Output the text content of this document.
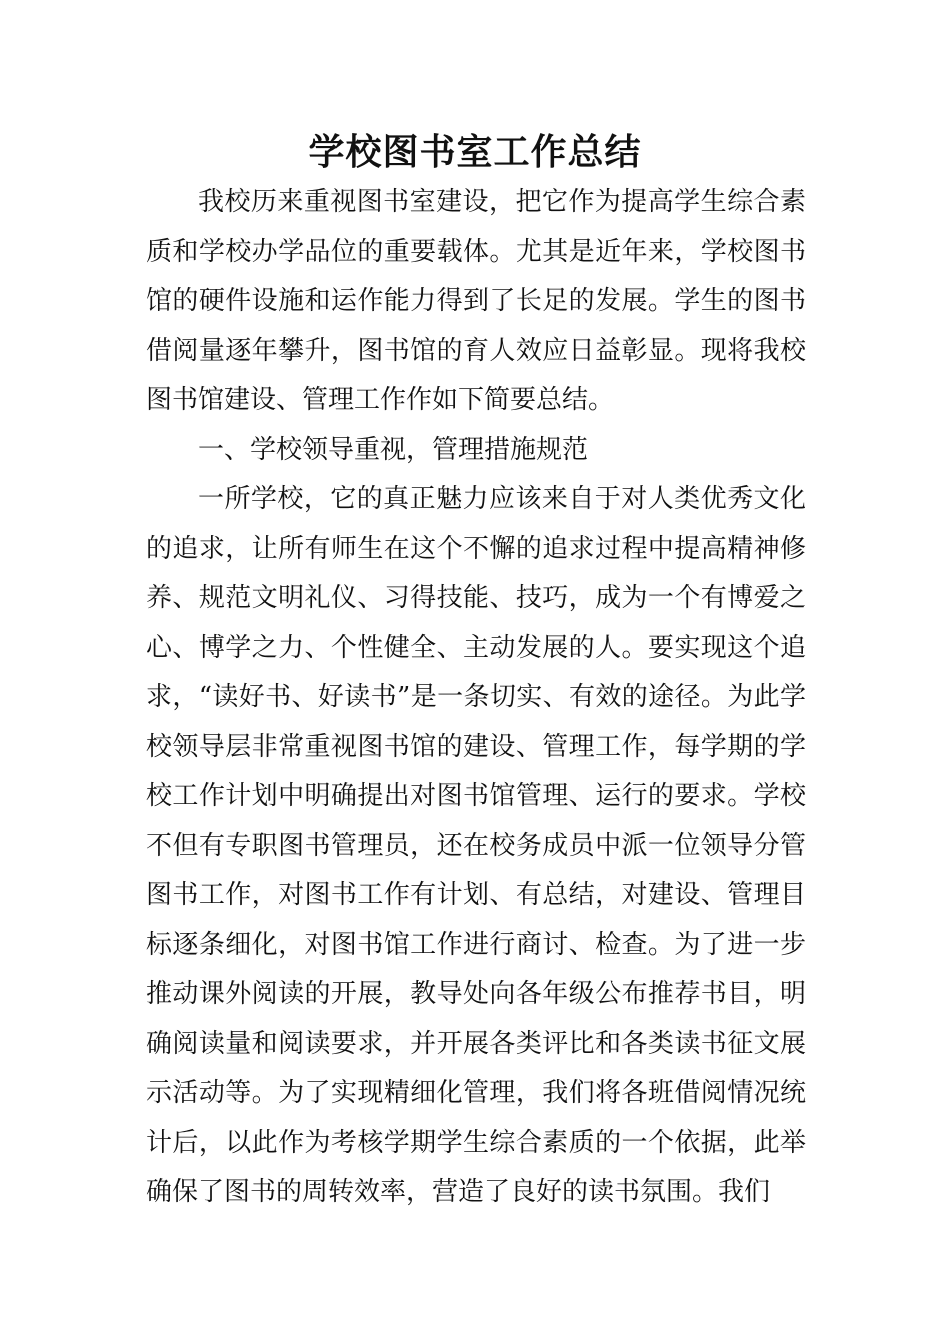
学校图书室工作总结

我校历来重视图书室建设，把它作为提高学生综合素质和学校办学品位的重要载体。尤其是近年来，学校图书馆的硬件设施和运作能力得到了长足的发展。学生的图书借阅量逐年攀升，图书馆的育人效应日益彰显。现将我校图书馆建设、管理工作作如下简要总结。

一、学校领导重视，管理措施规范

一所学校，它的真正魅力应该来自于对人类优秀文化的追求，让所有师生在这个不懈的追求过程中提高精神修养、规范文明礼仪、习得技能、技巧，成为一个有博爱之心、博学之力、个性健全、主动发展的人。要实现这个追求，“读好书、好读书”是一条切实、有效的途径。为此学校领导层非常重视图书馆的建设、管理工作，每学期的学校工作计划中明确提出对图书馆管理、运行的要求。学校不但有专职图书管理员，还在校务成员中派一位领导分管图书工作，对图书工作有计划、有总结，对建设、管理目标逐条细化，对图书馆工作进行商讨、检查。为了进一步推动课外阅读的开展，教导处向各年级公布推荐书目，明确阅读量和阅读要求，并开展各类评比和各类读书征文展示活动等。为了实现精细化管理，我们将各班借阅情况统计后，以此作为考核学期学生综合素质的一个依据，此举确保了图书的周转效率，营造了良好的读书氛围。我们
